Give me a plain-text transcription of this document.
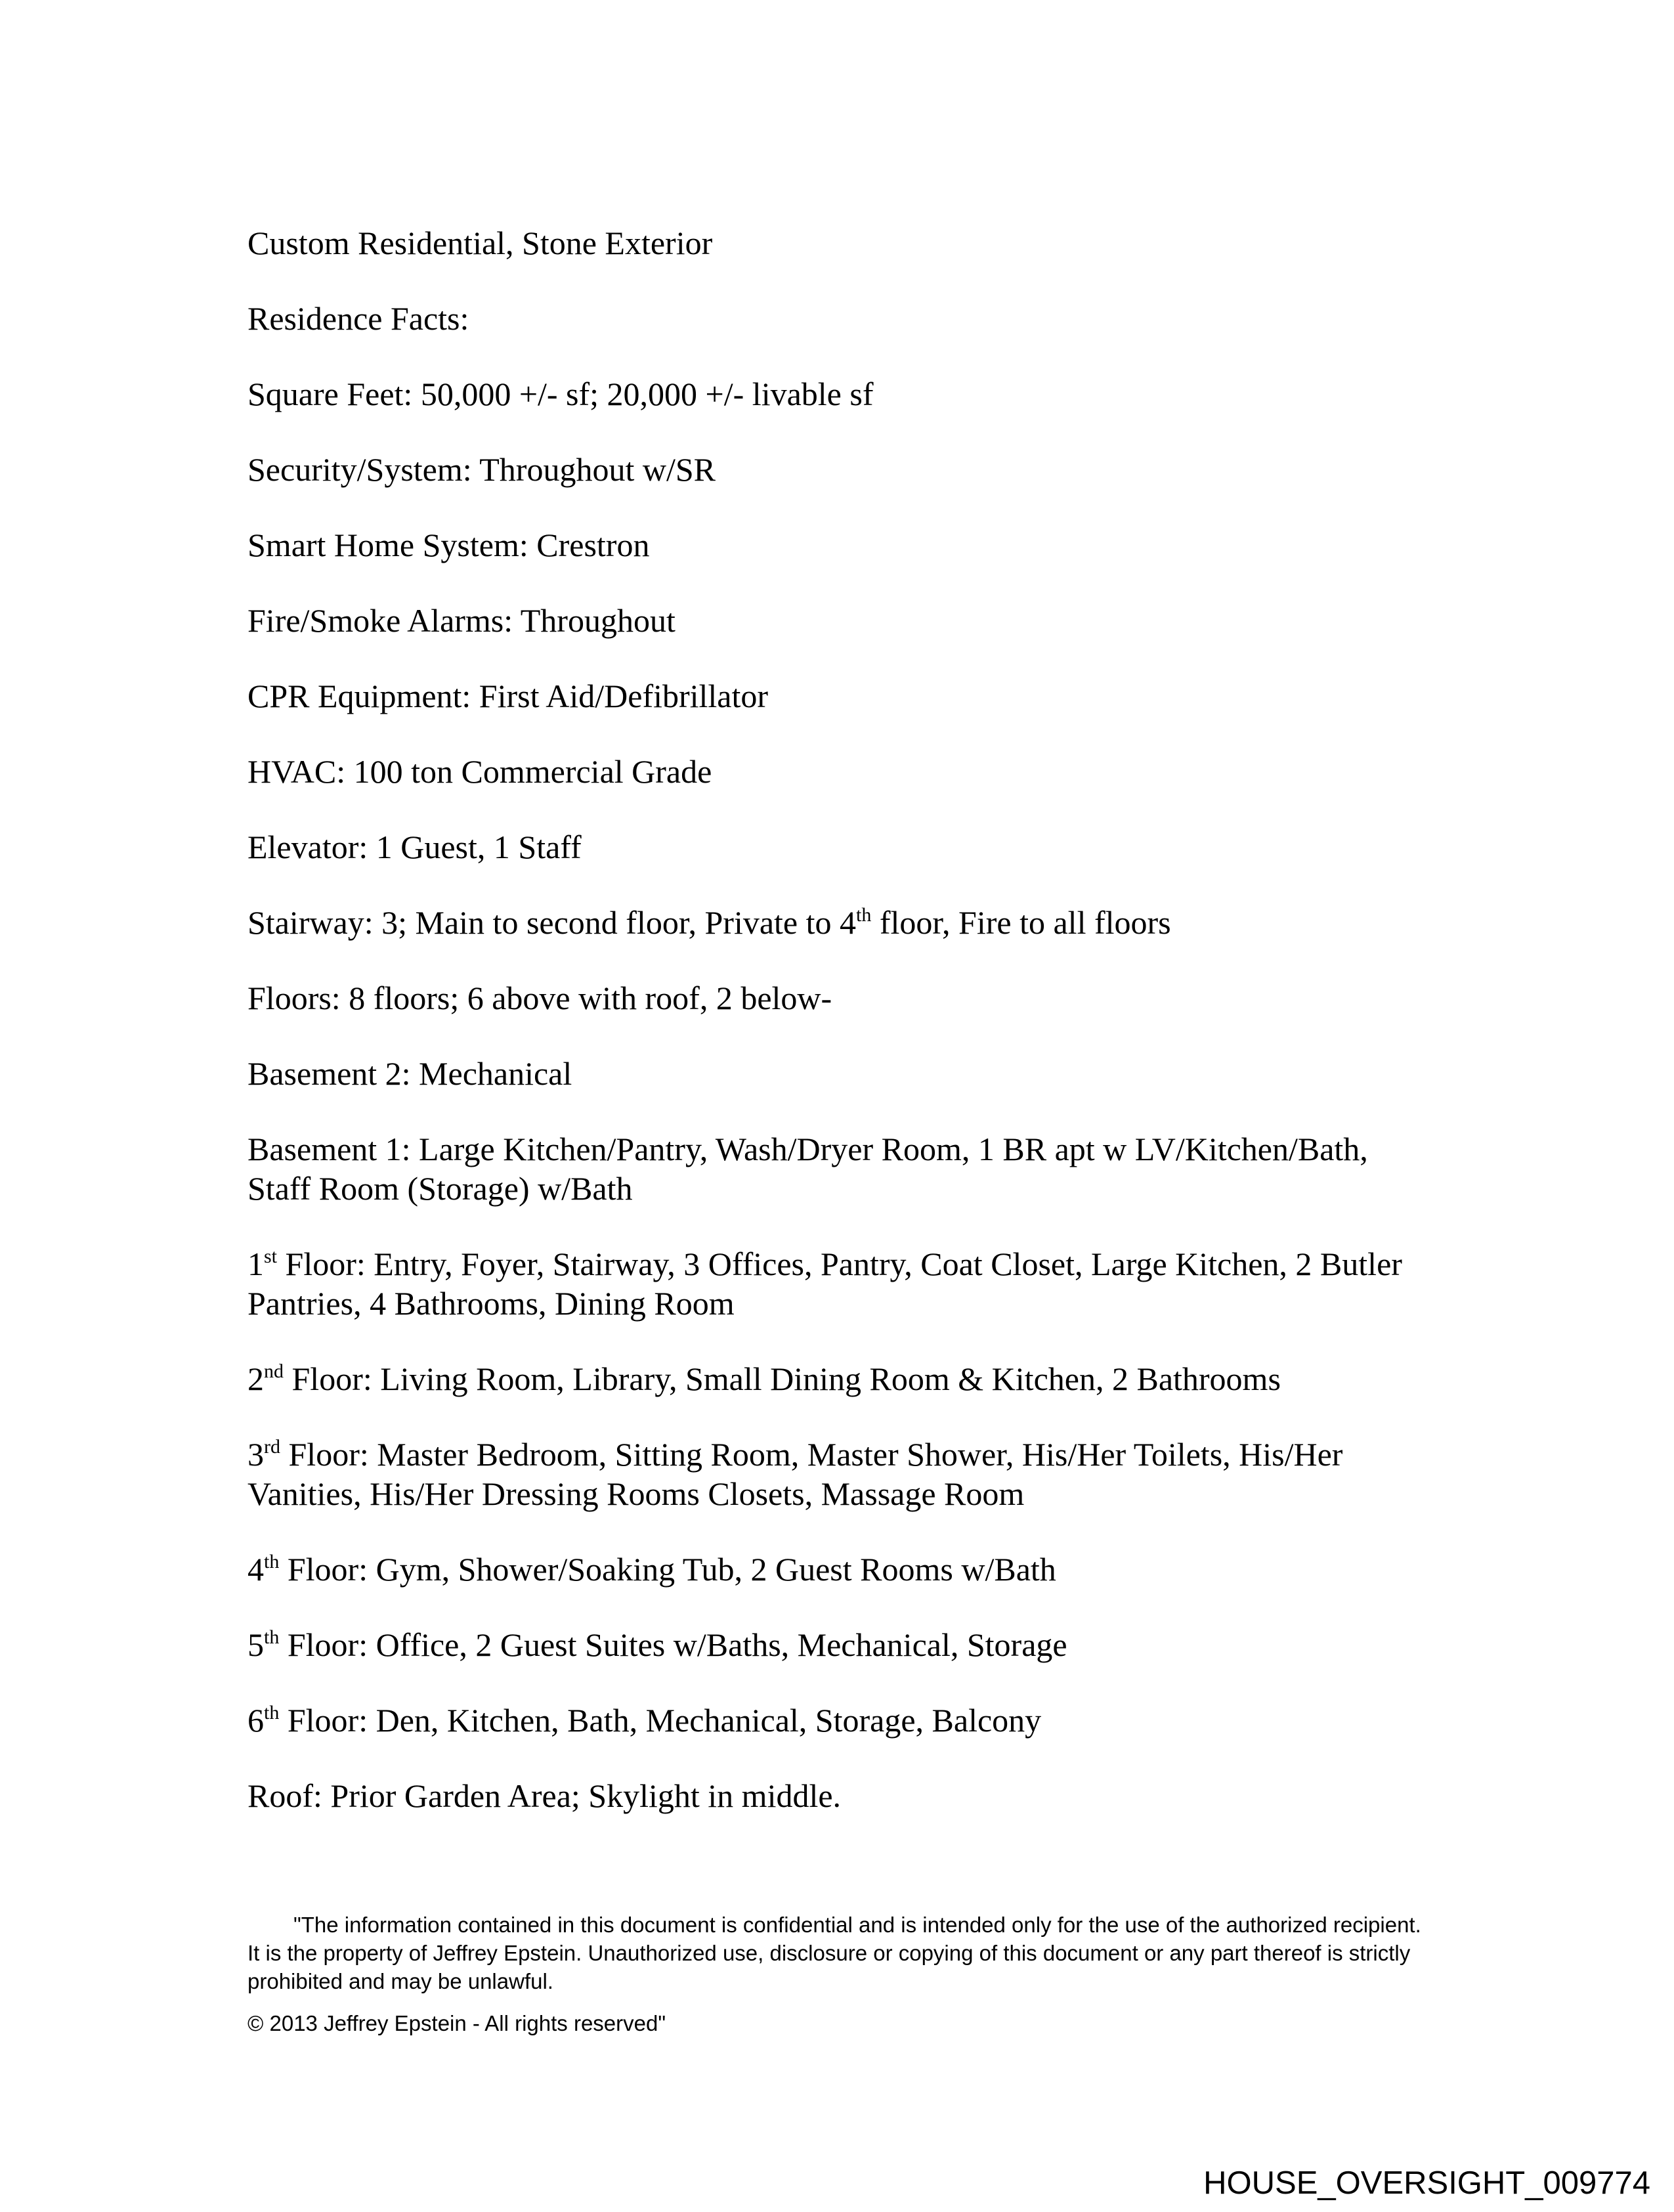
Custom Residential, Stone Exterior

Residence Facts:

Square Feet: 50,000 +/- sf; 20,000 +/- livable sf

Security/System: Throughout w/SR

Smart Home System: Crestron

Fire/Smoke Alarms: Throughout

CPR Equipment: First Aid/Defibrillator

HVAC: 100 ton Commercial Grade

Elevator: 1 Guest, 1 Staff

Stairway: 3; Main to second floor, Private to 4th floor, Fire to all floors

Floors: 8 floors; 6 above with roof, 2 below-

Basement 2: Mechanical

Basement 1: Large Kitchen/Pantry, Wash/Dryer Room, 1 BR apt w LV/Kitchen/Bath,
Staff Room (Storage) w/Bath

1st Floor: Entry, Foyer, Stairway, 3 Offices, Pantry, Coat Closet, Large Kitchen, 2 Butler
Pantries, 4 Bathrooms, Dining Room

2nd Floor: Living Room, Library, Small Dining Room & Kitchen, 2 Bathrooms

3rd Floor: Master Bedroom, Sitting Room, Master Shower, His/Her Toilets, His/Her
Vanities, His/Her Dressing Rooms Closets, Massage Room

4th Floor: Gym, Shower/Soaking Tub, 2 Guest Rooms w/Bath

5th Floor: Office, 2 Guest Suites w/Baths, Mechanical, Storage

6th Floor: Den, Kitchen, Bath, Mechanical, Storage, Balcony

Roof: Prior Garden Area; Skylight in middle.

"The information contained in this document is confidential and is intended only for the use of the authorized recipient.
It is the property of Jeffrey Epstein. Unauthorized use, disclosure or copying of this document or any part thereof is strictly
prohibited and may be unlawful.
© 2013 Jeffrey Epstein - All rights reserved"
HOUSE_OVERSIGHT_009774
